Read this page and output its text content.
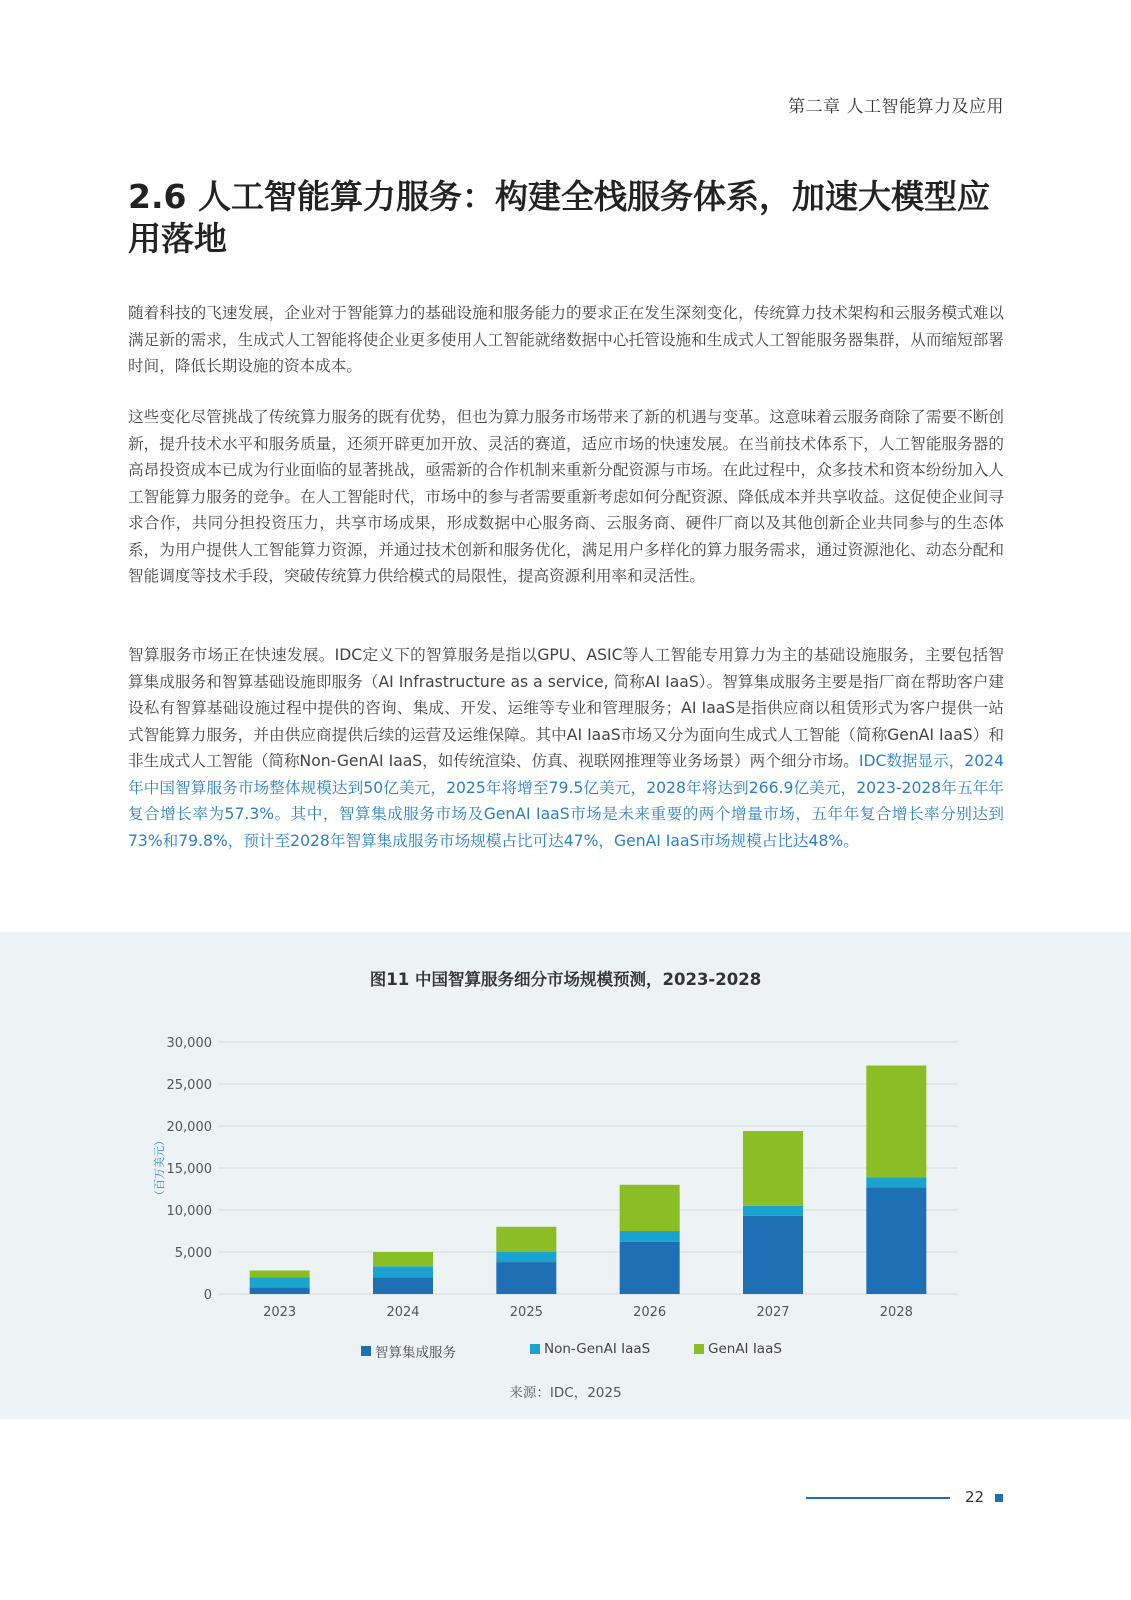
第二章 人工智能算力及应用
2.6 人工智能算力服务：构建全栈服务体系，加速大模型应用落地

随着科技的飞速发展，企业对于智能算力的基础设施和服务能力的要求正在发生深刻变化，传统算力技术架构和云服务模式难以满足新的需求，生成式人工智能将使企业更多使用人工智能就绪数据中心托管设施和生成式人工智能服务器集群，从而缩短部署时间，降低长期设施的资本成本。

这些变化尽管挑战了传统算力服务的既有优势，但也为算力服务市场带来了新的机遇与变革。这意味着云服务商除了需要不断创新，提升技术水平和服务质量，还须开辟更加开放、灵活的赛道，适应市场的快速发展。在当前技术体系下，人工智能服务器的高昂投资成本已成为行业面临的显著挑战，亟需新的合作机制来重新分配资源与市场。在此过程中，众多技术和资本纷纷加入人工智能算力服务的竞争。在人工智能时代，市场中的参与者需要重新考虑如何分配资源、降低成本并共享收益。这促使企业间寻求合作，共同分担投资压力，共享市场成果，形成数据中心服务商、云服务商、硬件厂商以及其他创新企业共同参与的生态体系，为用户提供人工智能算力资源，并通过技术创新和服务优化，满足用户多样化的算力服务需求，通过资源池化、动态分配和智能调度等技术手段，突破传统算力供给模式的局限性，提高资源利用率和灵活性。

智算服务市场正在快速发展。IDC定义下的智算服务是指以GPU、ASIC等人工智能专用算力为主的基础设施服务，主要包括智算集成服务和智算基础设施即服务（AI Infrastructure as a service, 简称AI IaaS）。智算集成服务主要是指厂商在帮助客户建设私有智算基础设施过程中提供的咨询、集成、开发、运维等专业和管理服务；AI IaaS是指供应商以租赁形式为客户提供一站式智能算力服务，并由供应商提供后续的运营及运维保障。其中AI IaaS市场又分为面向生成式人工智能（简称GenAI IaaS）和非生成式人工智能（简称Non-GenAI IaaS，如传统渲染、仿真、视联网推理等业务场景）两个细分市场。IDC数据显示，2024年中国智算服务市场整体规模达到50亿美元，2025年将增至79.5亿美元，2028年将达到266.9亿美元，2023-2028年五年年复合增长率为57.3%。其中，智算集成服务市场及GenAI IaaS市场是未来重要的两个增量市场，五年年复合增长率分别达到73%和79.8%，预计至2028年智算集成服务市场规模占比可达47%，GenAI IaaS市场规模占比达48%。

图11 中国智算服务细分市场规模预测，2023-2028
0
5,000
10,000
15,000
20,000
25,000
30,000
（百万美元）
2023	2024	2025	2026	2027	2028
智算集成服务	Non-GenAI IaaS	GenAI IaaS
来源：IDC，2025
22
